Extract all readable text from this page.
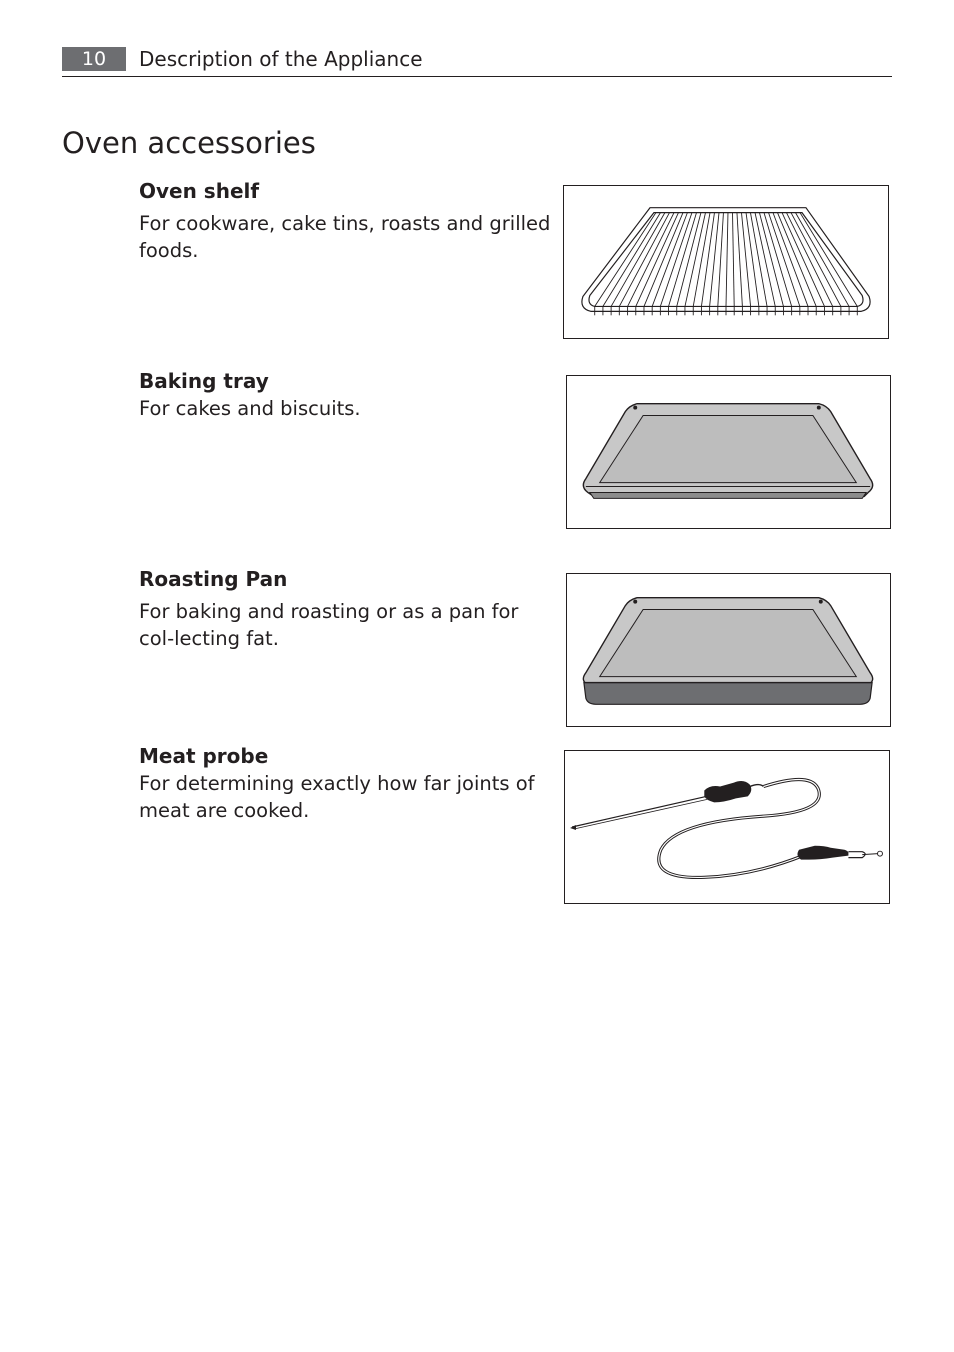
10	Description of the Appliance
Oven accessories
Oven shelf

For cookware, cake tins, roasts and grilled foods.

Baking tray

For cakes and biscuits.

Roasting Pan

For baking and roasting or as a pan for col-lecting fat.

Meat probe

For determining exactly how far joints of meat are cooked.
